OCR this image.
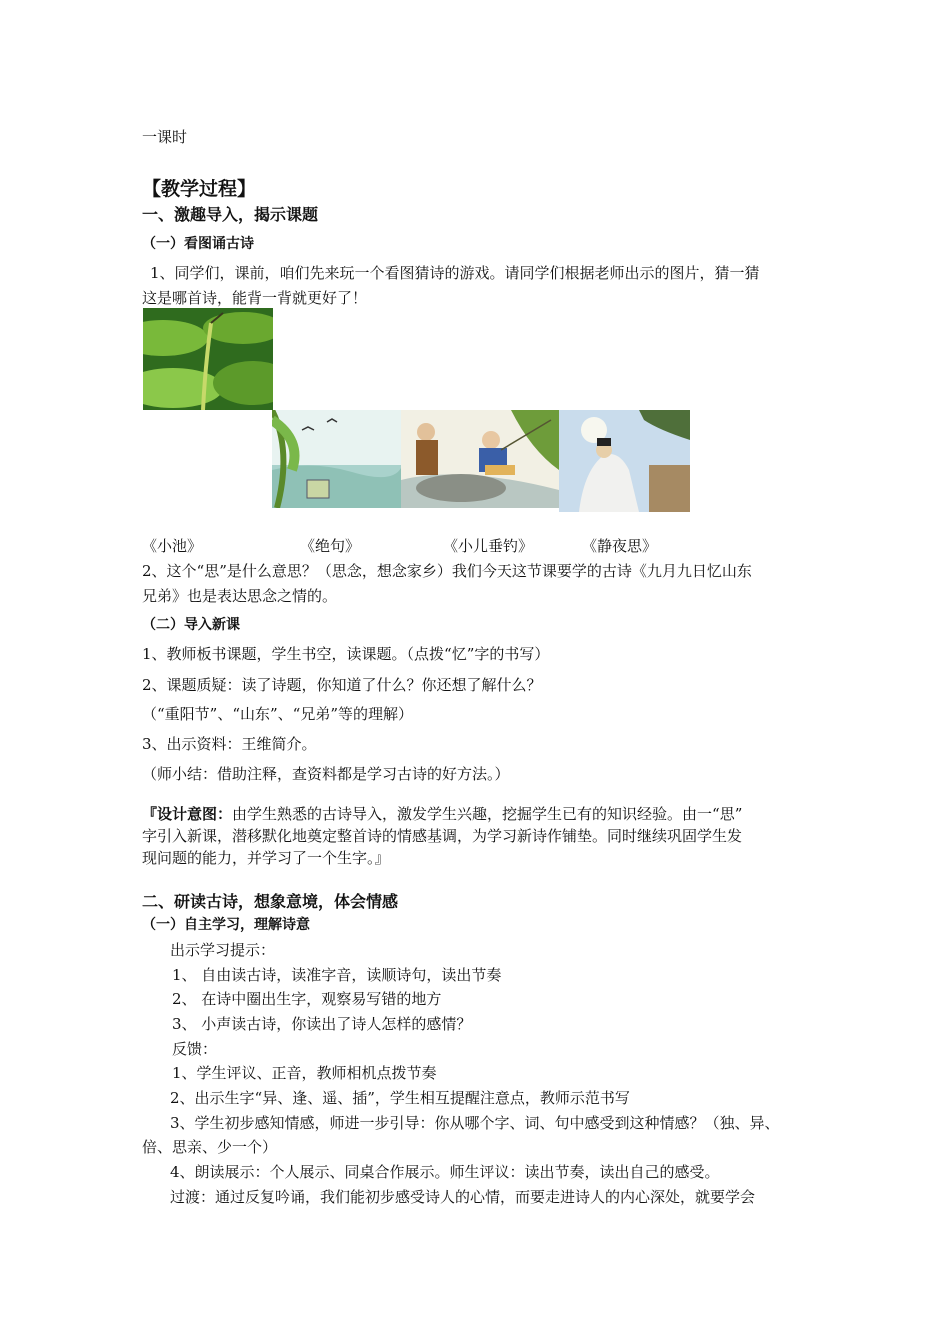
一课时
【教学过程】
一、激趣导入，揭示课题
（一）看图诵古诗
1、同学们，课前，咱们先来玩一个看图猜诗的游戏。请同学们根据老师出示的图片，猜一猜
这是哪首诗，能背一背就更好了！
《小池》	《绝句》	《小儿垂钓》	《静夜思》
2、这个“思”是什么意思？（思念，想念家乡）我们今天这节课要学的古诗《九月九日忆山东
兄弟》也是表达思念之情的。
（二）导入新课
1、教师板书课题，学生书空，读课题。（点拨“忆”字的书写）
2、课题质疑：读了诗题，你知道了什么？你还想了解什么？
（“重阳节”、“山东”、“兄弟”等的理解）
3、出示资料：王维简介。
（师小结：借助注释，查资料都是学习古诗的好方法。）
『设计意图：由学生熟悉的古诗导入，激发学生兴趣，挖掘学生已有的知识经验。由一“思”
字引入新课，潜移默化地奠定整首诗的情感基调，为学习新诗作铺垫。同时继续巩固学生发
现问题的能力，并学习了一个生字。』
二、研读古诗，想象意境，体会情感
（一）自主学习，理解诗意
出示学习提示：
1、 自由读古诗，读准字音，读顺诗句，读出节奏
2、 在诗中圈出生字，观察易写错的地方
3、 小声读古诗，你读出了诗人怎样的感情？
反馈：
1、学生评议、正音，教师相机点拨节奏
2、出示生字“异、逢、遥、插”，学生相互提醒注意点，教师示范书写
3、学生初步感知情感，师进一步引导：你从哪个字、词、句中感受到这种情感？（独、异、
倍、思亲、少一个）
4、朗读展示：个人展示、同桌合作展示。师生评议：读出节奏，读出自己的感受。
过渡：通过反复吟诵，我们能初步感受诗人的心情，而要走进诗人的内心深处，就要学会
